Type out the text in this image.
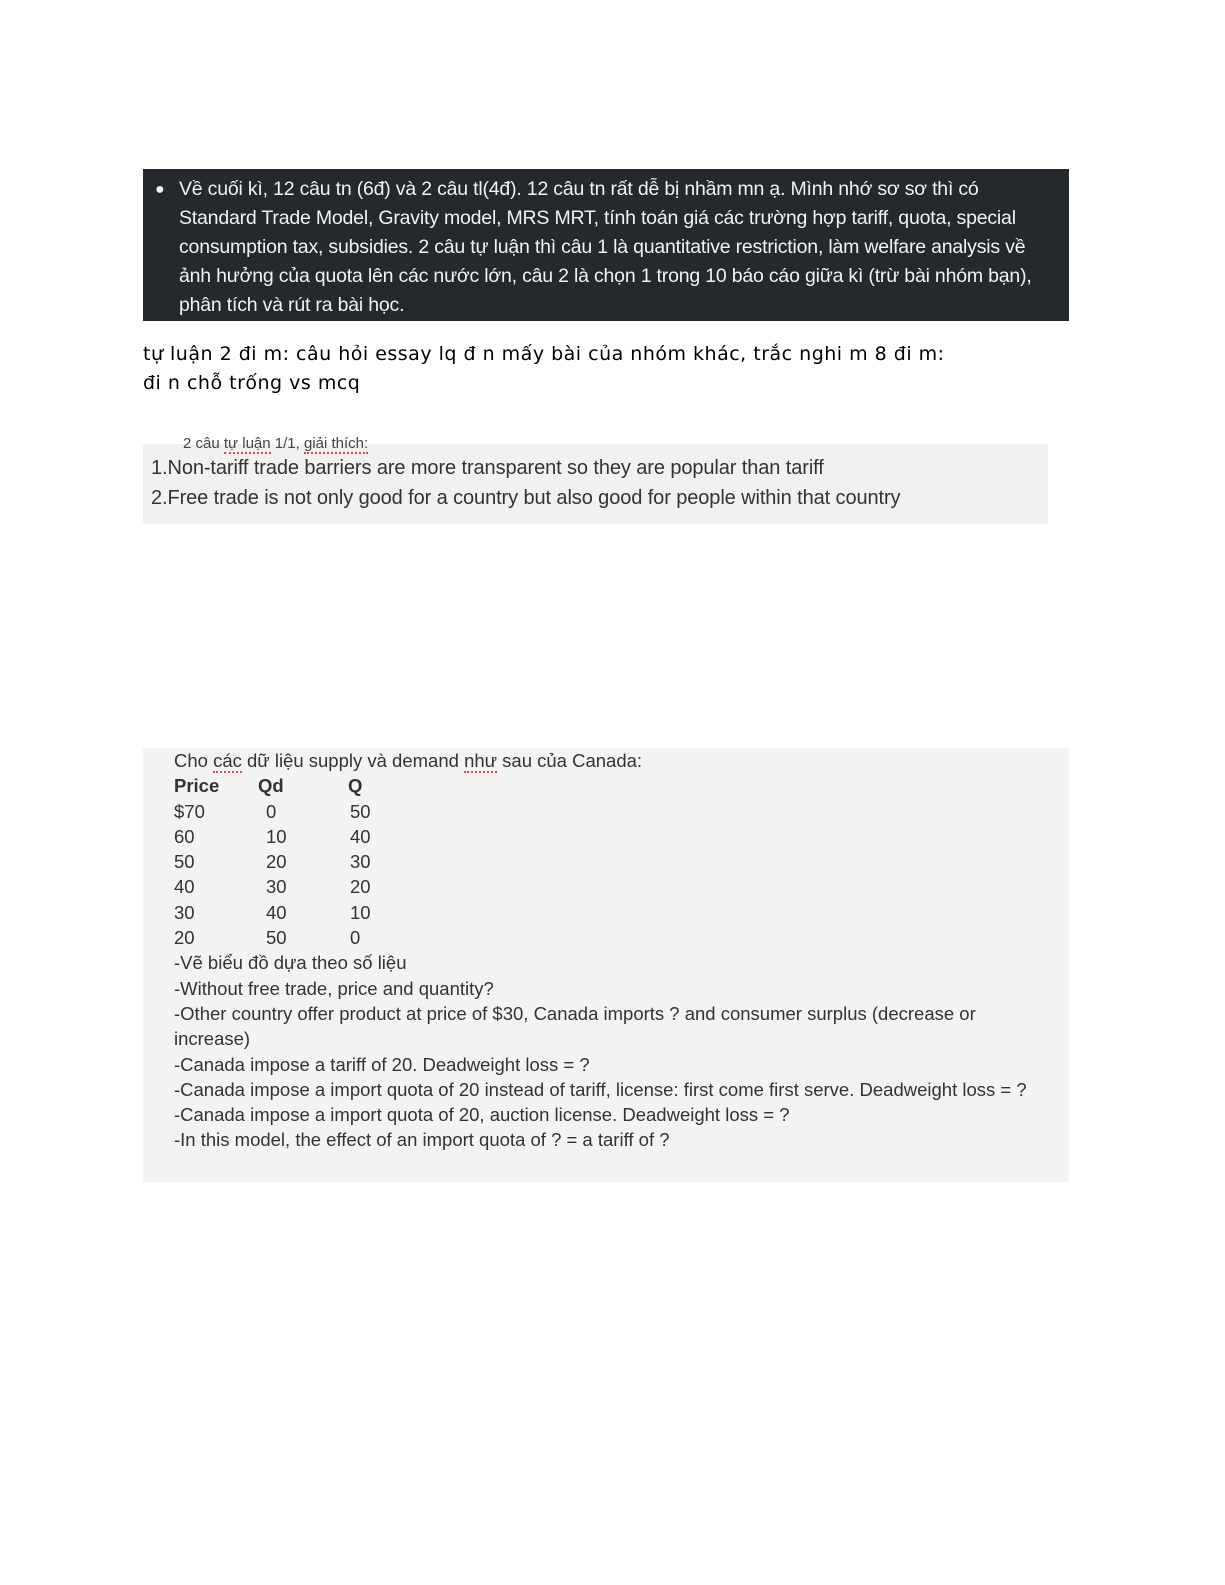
● Về cuối kì, 12 câu tn (6đ) và 2 câu tl(4đ). 12 câu tn rất dễ bị nhầm mn ạ. Mình nhớ sơ sơ thì có Standard Trade Model, Gravity model, MRS MRT, tính toán giá các trường hợp tariff, quota, special consumption tax, subsidies. 2 câu tự luận thì câu 1 là quantitative restriction, làm welfare analysis về ảnh hưởng của quota lên các nước lớn, câu 2 là chọn 1 trong 10 báo cáo giữa kì (trừ bài nhóm bạn), phân tích và rút ra bài học.
tự luận 2 đi m: câu hỏi essay lq đ n mấy bài của nhóm khác, trắc nghi m 8 đi m:
đi n chỗ trống vs mcq
2 câu tự luận 1/1, giải thích:
1.Non-tariff trade barriers are more transparent so they are popular than tariff
2.Free trade is not only good for a country but also good for people within that country
Cho các dữ liệu supply và demand như sau của Canada:
Price	Qd	Q
$70	0	50
60	10	40
50	20	30
40	30	20
30	40	10
20	50	0
-Vẽ biểu đồ dựa theo số liệu
-Without free trade, price and quantity?
-Other country offer product at price of $30, Canada imports ? and consumer surplus (decrease or increase)
-Canada impose a tariff of 20. Deadweight loss = ?
-Canada impose a import quota of 20 instead of tariff, license: first come first serve. Deadweight loss = ?
-Canada impose a import quota of 20, auction license. Deadweight loss = ?
-In this model, the effect of an import quota of ? = a tariff of ?
